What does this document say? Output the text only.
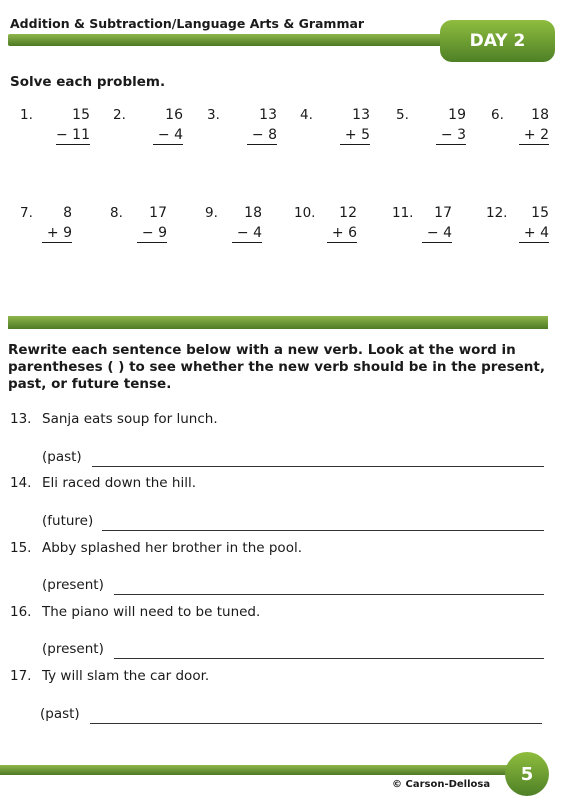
Addition & Subtraction/Language Arts & Grammar
DAY 2
Solve each problem.
1.	15
− 11
2.	16
− 4
3.	13
− 8
4.	13
+ 5
5.	19
− 3
6. 18
+ 2
7. 8
+ 9
8. 17
− 9
9. 18
− 4
10. 12
+ 6
11. 17
− 4
12. 15
+ 4
Rewrite each sentence below with a new verb. Look at the word in parentheses ( ) to see whether the new verb should be in the present, past, or future tense.
13. Sanja eats soup for lunch.
(past)
14. Eli raced down the hill.
(future)
15. Abby splashed her brother in the pool.
(present)
16. The piano will need to be tuned.
(present)
17. Ty will slam the car door.
(past)
© Carson-Dellosa	5
